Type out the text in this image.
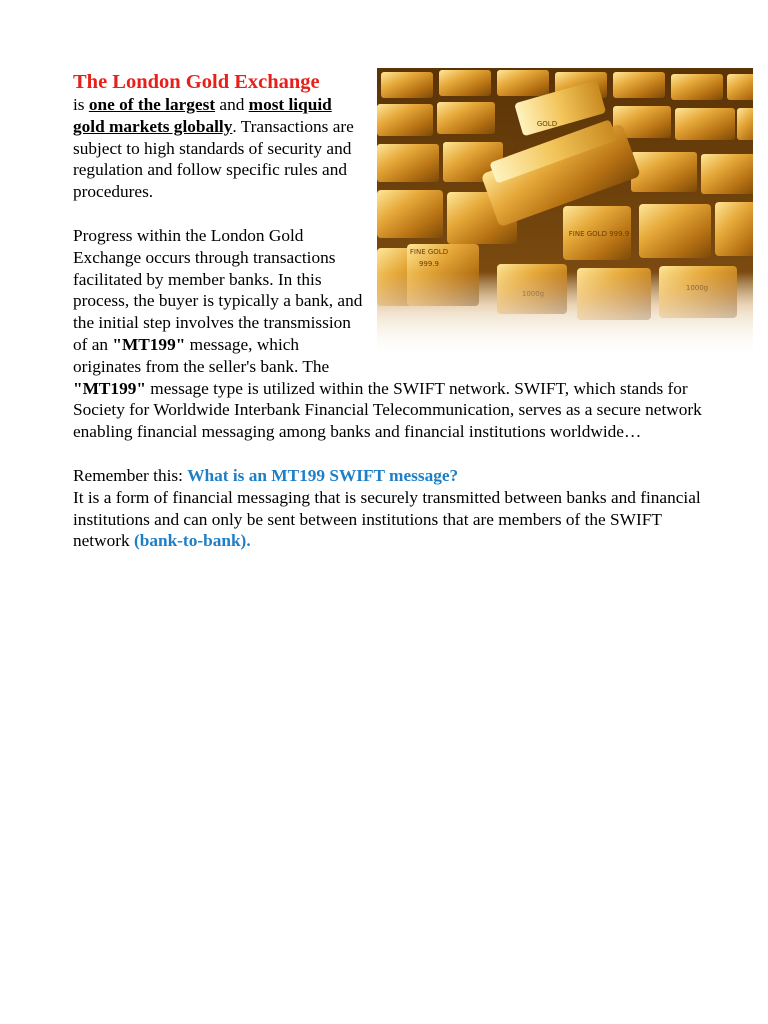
FINE GOLD
999.9
FINE GOLD 999.9
GOLD
The London Gold Exchange

is one of the largest and most liquid gold markets globally. Transactions are subject to high standards of security and regulation and follow specific rules and procedures.

Progress within the London Gold Exchange occurs through transactions facilitated by member banks. In this process, the buyer is typically a bank, and the initial step involves the transmission of an "MT199" message, which originates from the seller's bank. The "MT199" message type is utilized within the SWIFT network. SWIFT, which stands for Society for Worldwide Interbank Financial Telecommunication, serves as a secure network enabling financial messaging among banks and financial institutions worldwide…

Remember this: What is an MT199 SWIFT message?

It is a form of financial messaging that is securely transmitted between banks and financial institutions and can only be sent between institutions that are members of the SWIFT network (bank-to-bank).
